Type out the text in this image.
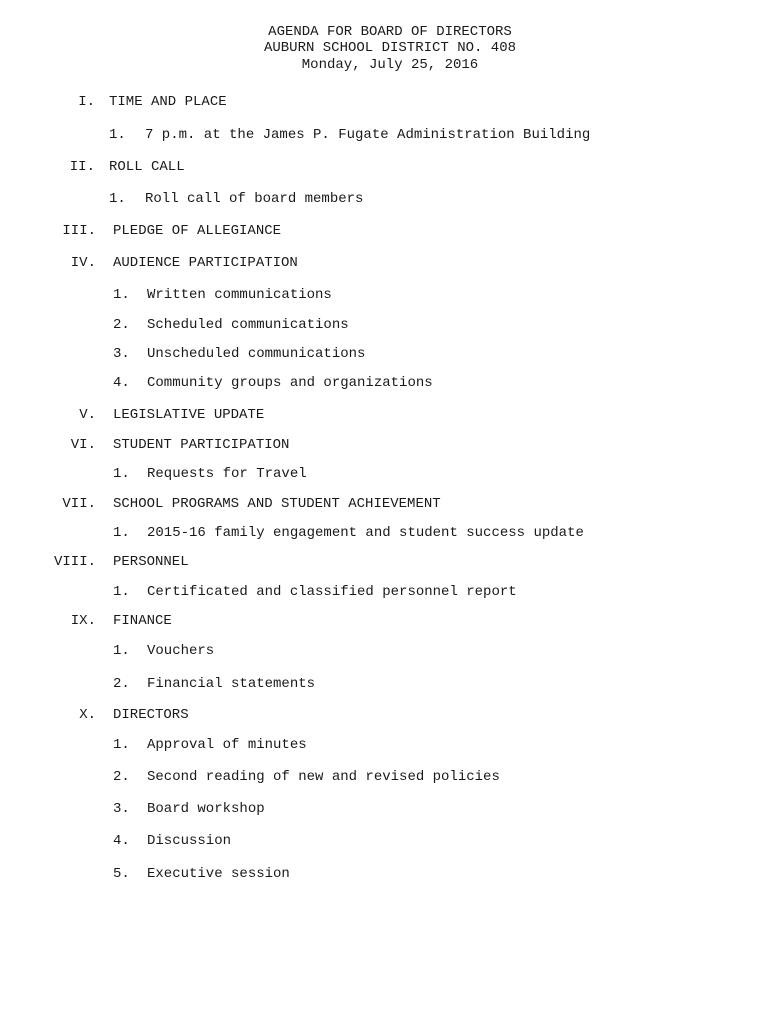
AGENDA FOR BOARD OF DIRECTORS
AUBURN SCHOOL DISTRICT NO. 408
Monday, July 25, 2016
I. TIME AND PLACE
1. 7 p.m. at the James P. Fugate Administration Building
II. ROLL CALL
1. Roll call of board members
III. PLEDGE OF ALLEGIANCE
IV. AUDIENCE PARTICIPATION
1. Written communications
2. Scheduled communications
3. Unscheduled communications
4. Community groups and organizations
V. LEGISLATIVE UPDATE
VI. STUDENT PARTICIPATION
1. Requests for Travel
VII. SCHOOL PROGRAMS AND STUDENT ACHIEVEMENT
1. 2015-16 family engagement and student success update
VIII. PERSONNEL
1. Certificated and classified personnel report
IX. FINANCE
1. Vouchers
2. Financial statements
X. DIRECTORS
1. Approval of minutes
2. Second reading of new and revised policies
3. Board workshop
4. Discussion
5. Executive session
